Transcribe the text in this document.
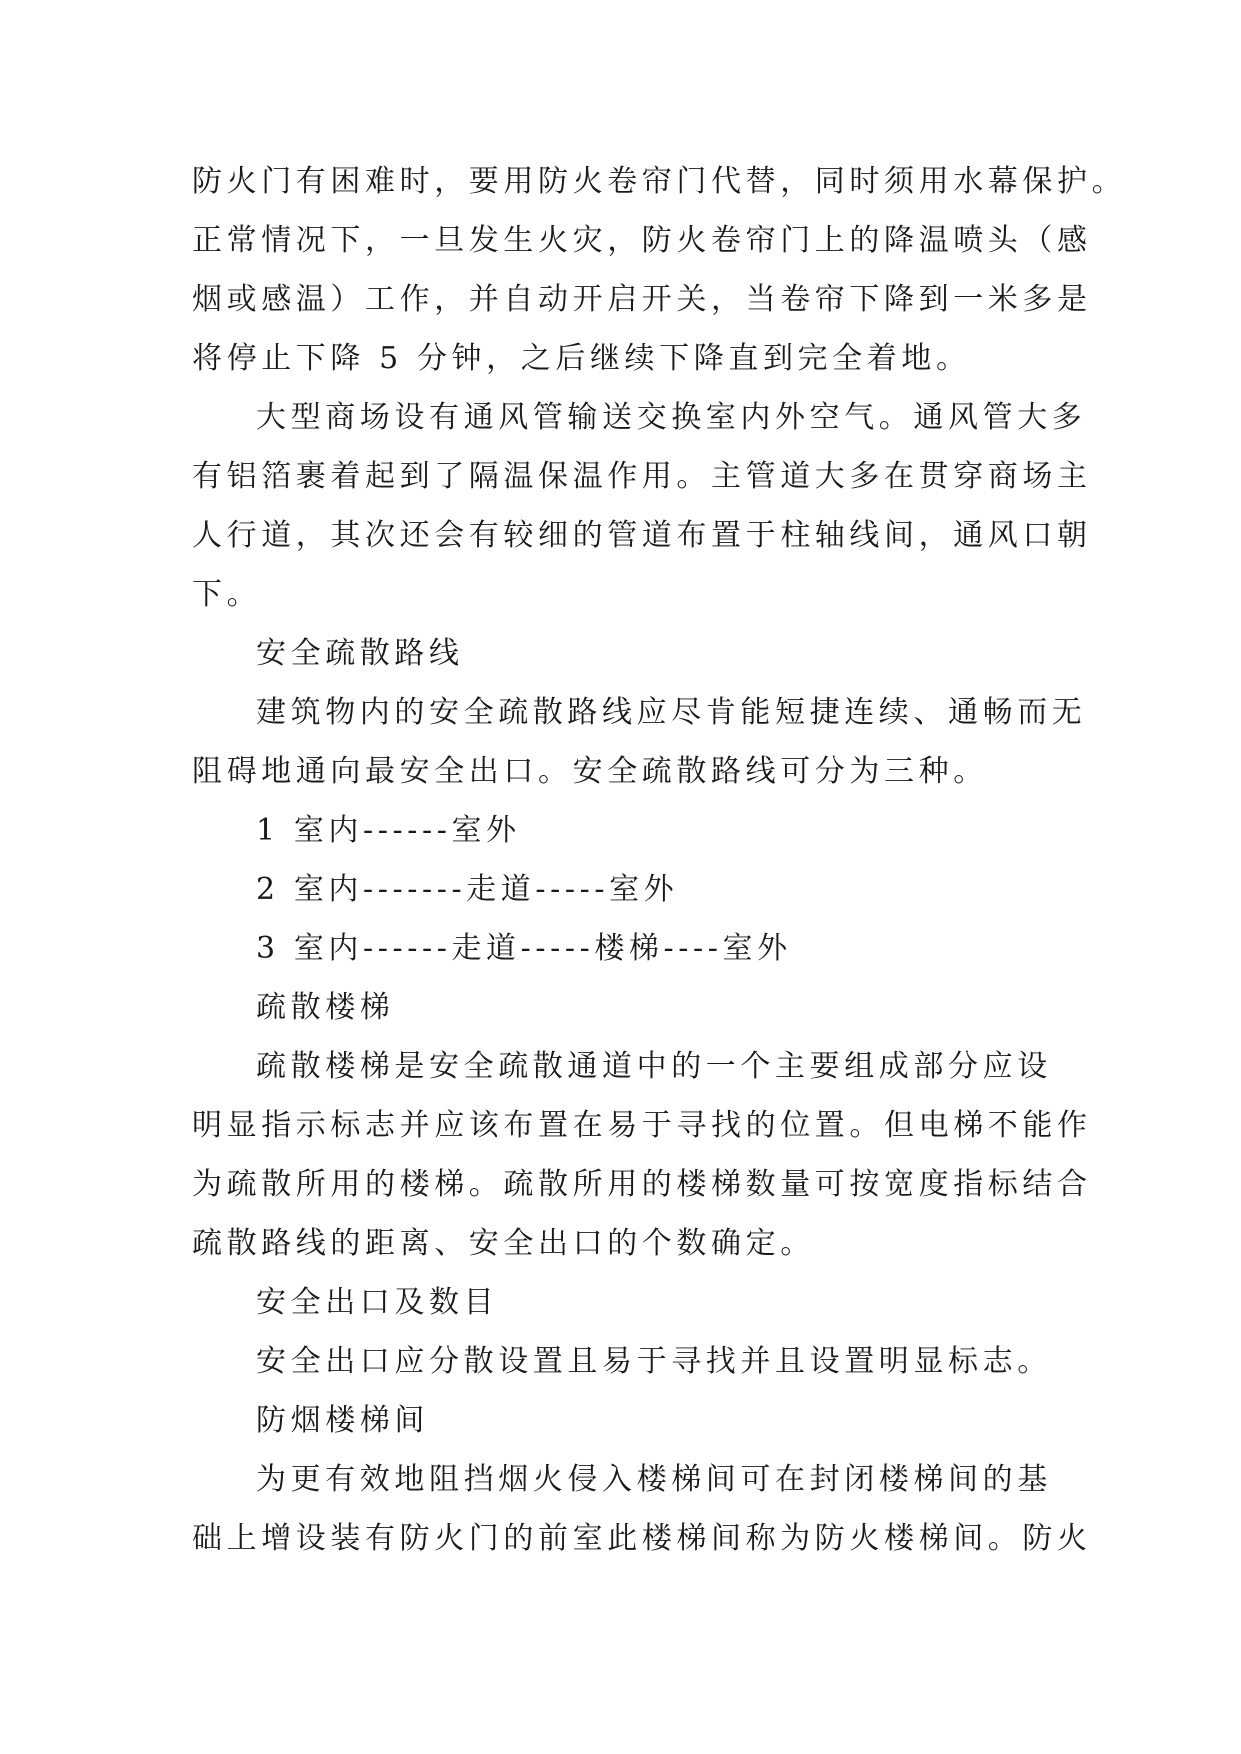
防火门有困难时，要用防火卷帘门代替，同时须用水幕保护。
正常情况下，一旦发生火灾，防火卷帘门上的降温喷头（感
烟或感温）工作，并自动开启开关，当卷帘下降到一米多是
将停止下降 5 分钟，之后继续下降直到完全着地。
大型商场设有通风管输送交换室内外空气。通风管大多
有铝箔裹着起到了隔温保温作用。主管道大多在贯穿商场主
人行道，其次还会有较细的管道布置于柱轴线间，通风口朝
下。
安全疏散路线
建筑物内的安全疏散路线应尽肯能短捷连续、通畅而无
阻碍地通向最安全出口。安全疏散路线可分为三种。
1 室内------室外
2 室内-------走道-----室外
3 室内------走道-----楼梯----室外
疏散楼梯
疏散楼梯是安全疏散通道中的一个主要组成部分应设
明显指示标志并应该布置在易于寻找的位置。但电梯不能作
为疏散所用的楼梯。疏散所用的楼梯数量可按宽度指标结合
疏散路线的距离、安全出口的个数确定。
安全出口及数目
安全出口应分散设置且易于寻找并且设置明显标志。
防烟楼梯间
为更有效地阻挡烟火侵入楼梯间可在封闭楼梯间的基
础上增设装有防火门的前室此楼梯间称为防火楼梯间。防火
